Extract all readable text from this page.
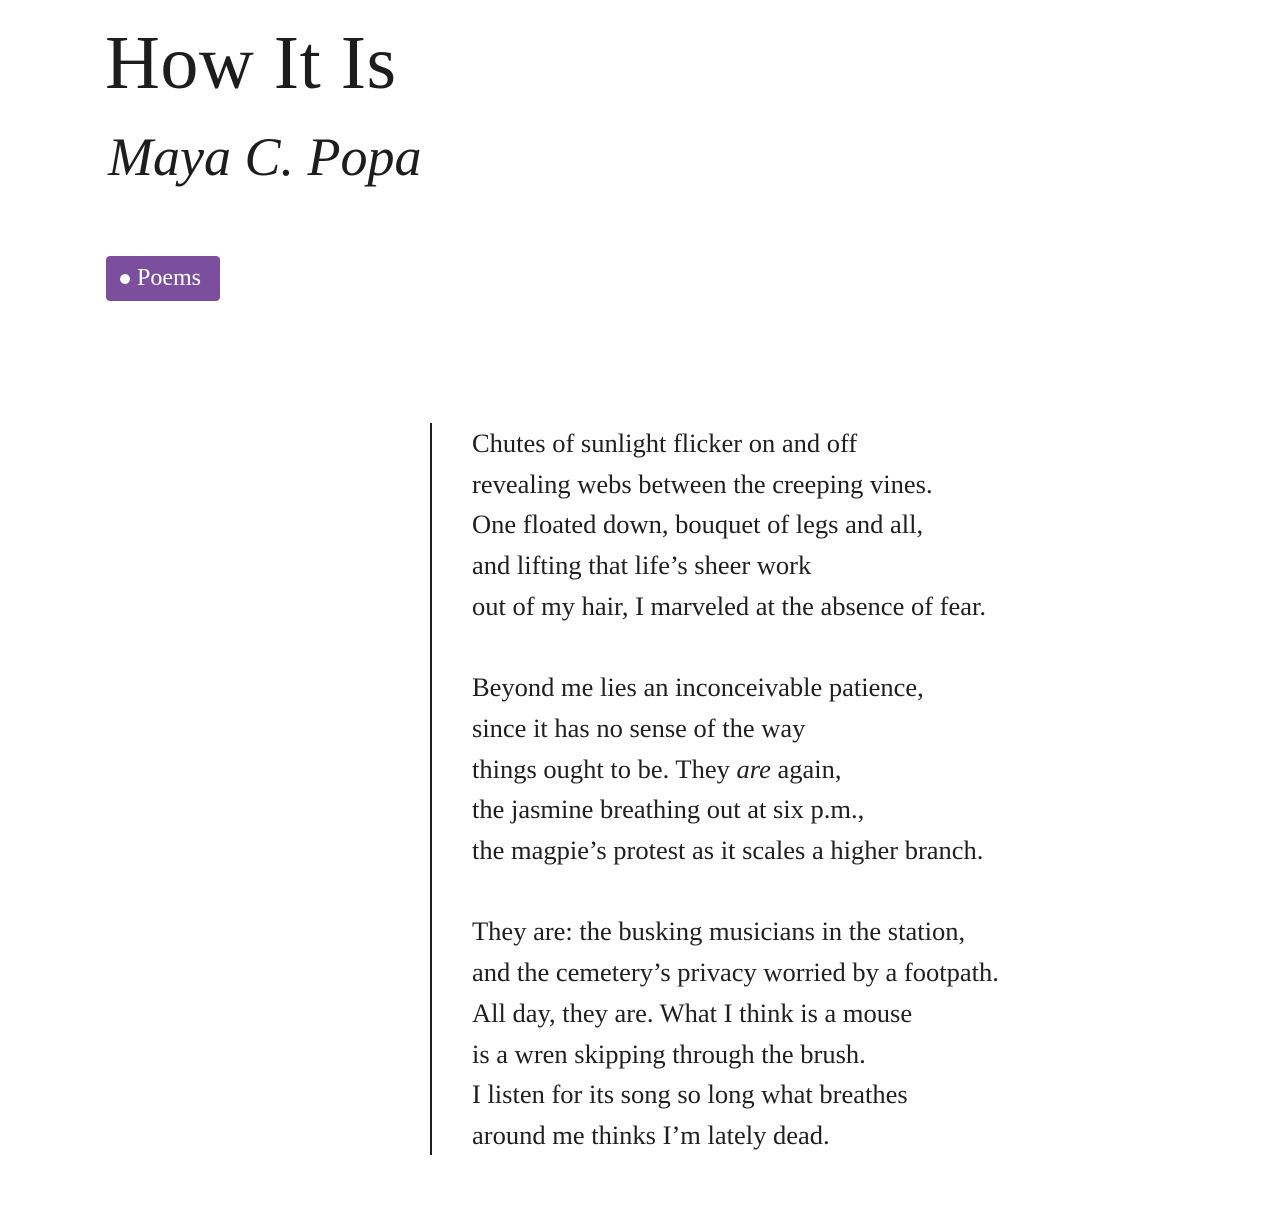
How It Is
Maya C. Popa
Poems

Chutes of sunlight flicker on and off
revealing webs between the creeping vines.
One floated down, bouquet of legs and all,
and lifting that life’s sheer work
out of my hair, I marveled at the absence of fear.

Beyond me lies an inconceivable patience,
since it has no sense of the way
things ought to be. They are again,
the jasmine breathing out at six p.m.,
the magpie’s protest as it scales a higher branch.

They are: the busking musicians in the station,
and the cemetery’s privacy worried by a footpath.
All day, they are. What I think is a mouse
is a wren skipping through the brush.
I listen for its song so long what breathes
around me thinks I’m lately dead.
